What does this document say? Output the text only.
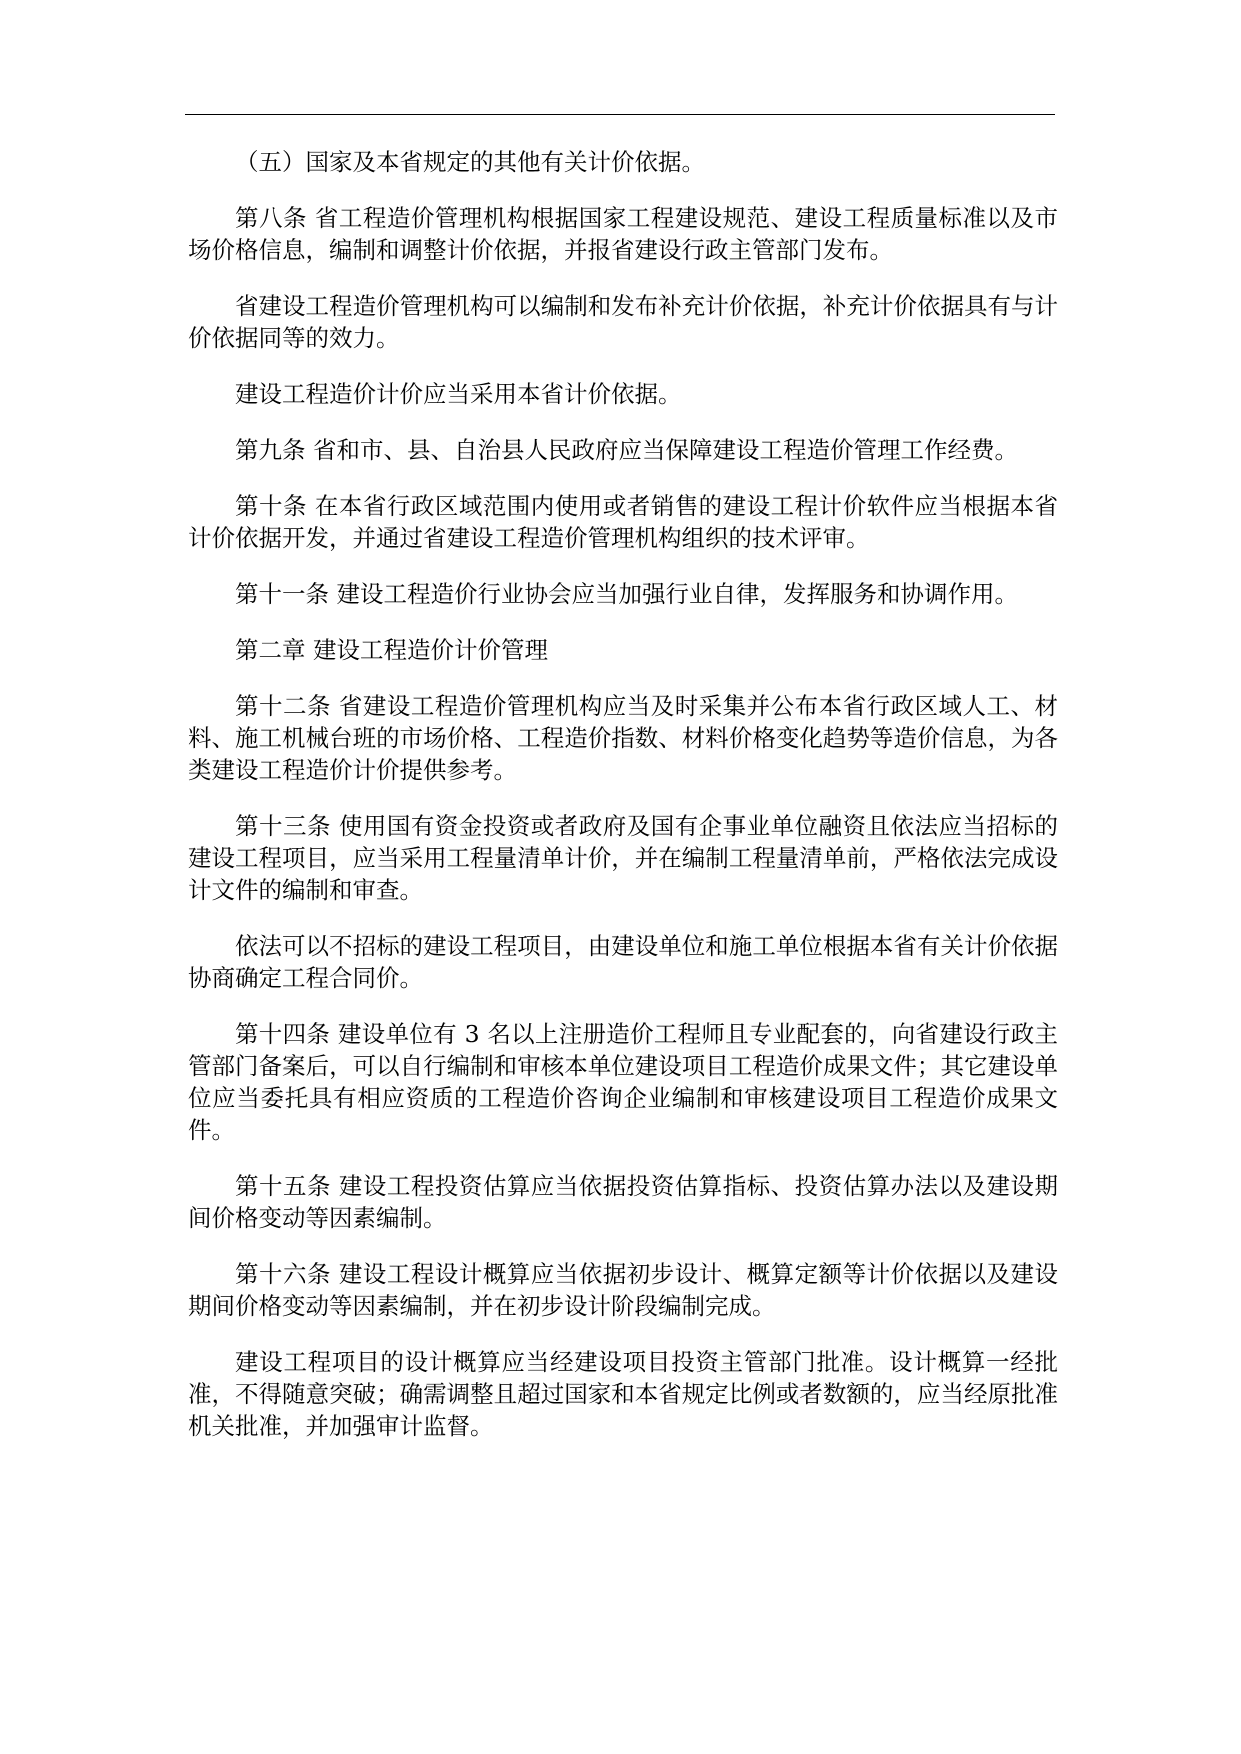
（五）国家及本省规定的其他有关计价依据。

第八条 省工程造价管理机构根据国家工程建设规范、建设工程质量标准以及市场价格信息，编制和调整计价依据，并报省建设行政主管部门发布。

省建设工程造价管理机构可以编制和发布补充计价依据，补充计价依据具有与计价依据同等的效力。

建设工程造价计价应当采用本省计价依据。

第九条 省和市、县、自治县人民政府应当保障建设工程造价管理工作经费。

第十条 在本省行政区域范围内使用或者销售的建设工程计价软件应当根据本省计价依据开发，并通过省建设工程造价管理机构组织的技术评审。

第十一条 建设工程造价行业协会应当加强行业自律，发挥服务和协调作用。

第二章 建设工程造价计价管理

第十二条 省建设工程造价管理机构应当及时采集并公布本省行政区域人工、材料、施工机械台班的市场价格、工程造价指数、材料价格变化趋势等造价信息，为各类建设工程造价计价提供参考。

第十三条 使用国有资金投资或者政府及国有企事业单位融资且依法应当招标的建设工程项目，应当采用工程量清单计价，并在编制工程量清单前，严格依法完成设计文件的编制和审查。

依法可以不招标的建设工程项目，由建设单位和施工单位根据本省有关计价依据协商确定工程合同价。

第十四条 建设单位有 3 名以上注册造价工程师且专业配套的，向省建设行政主管部门备案后，可以自行编制和审核本单位建设项目工程造价成果文件；其它建设单位应当委托具有相应资质的工程造价咨询企业编制和审核建设项目工程造价成果文件。

第十五条 建设工程投资估算应当依据投资估算指标、投资估算办法以及建设期间价格变动等因素编制。

第十六条 建设工程设计概算应当依据初步设计、概算定额等计价依据以及建设期间价格变动等因素编制，并在初步设计阶段编制完成。

建设工程项目的设计概算应当经建设项目投资主管部门批准。设计概算一经批准，不得随意突破；确需调整且超过国家和本省规定比例或者数额的，应当经原批准机关批准，并加强审计监督。
